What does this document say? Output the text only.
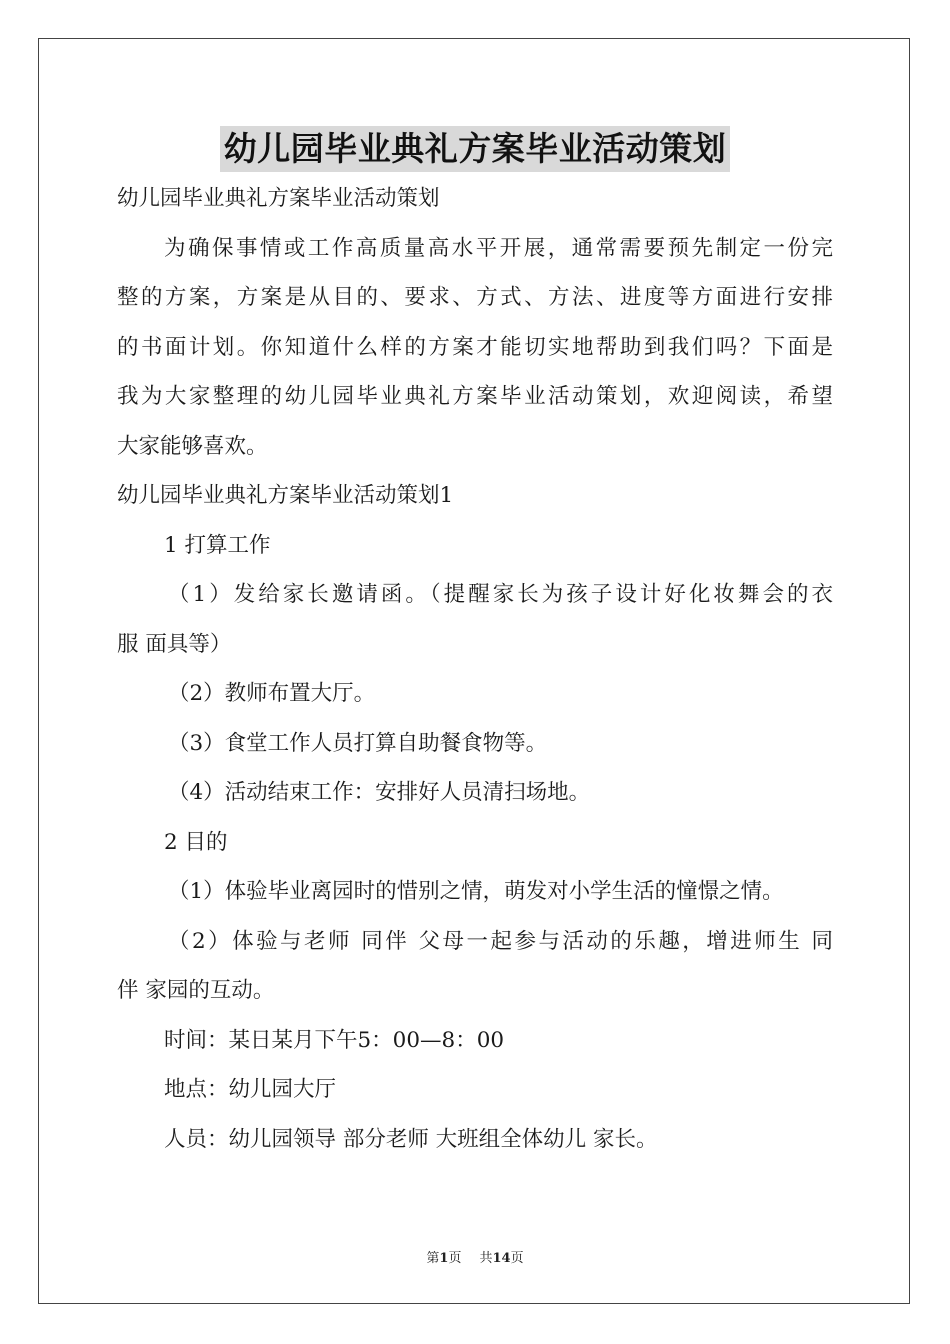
幼儿园毕业典礼方案毕业活动策划

幼儿园毕业典礼方案毕业活动策划

为确保事情或工作高质量高水平开展，通常需要预先制定一份完

整的方案，方案是从目的、要求、方式、方法、进度等方面进行安排

的书面计划。你知道什么样的方案才能切实地帮助到我们吗？下面是

我为大家整理的幼儿园毕业典礼方案毕业活动策划，欢迎阅读，希望

大家能够喜欢。

幼儿园毕业典礼方案毕业活动策划1

1 打算工作

（1）发给家长邀请函。（提醒家长为孩子设计好化妆舞会的衣

服 面具等）

（2）教师布置大厅。

（3）食堂工作人员打算自助餐食物等。

（4）活动结束工作：安排好人员清扫场地。

2 目的

（1）体验毕业离园时的惜别之情，萌发对小学生活的憧憬之情。

（2）体验与老师 同伴 父母一起参与活动的乐趣，增进师生 同

伴 家园的互动。

时间：某日某月下午5：00—8：00

地点：幼儿园大厅

人员：幼儿园领导 部分老师 大班组全体幼儿 家长。

第1页 共14页
